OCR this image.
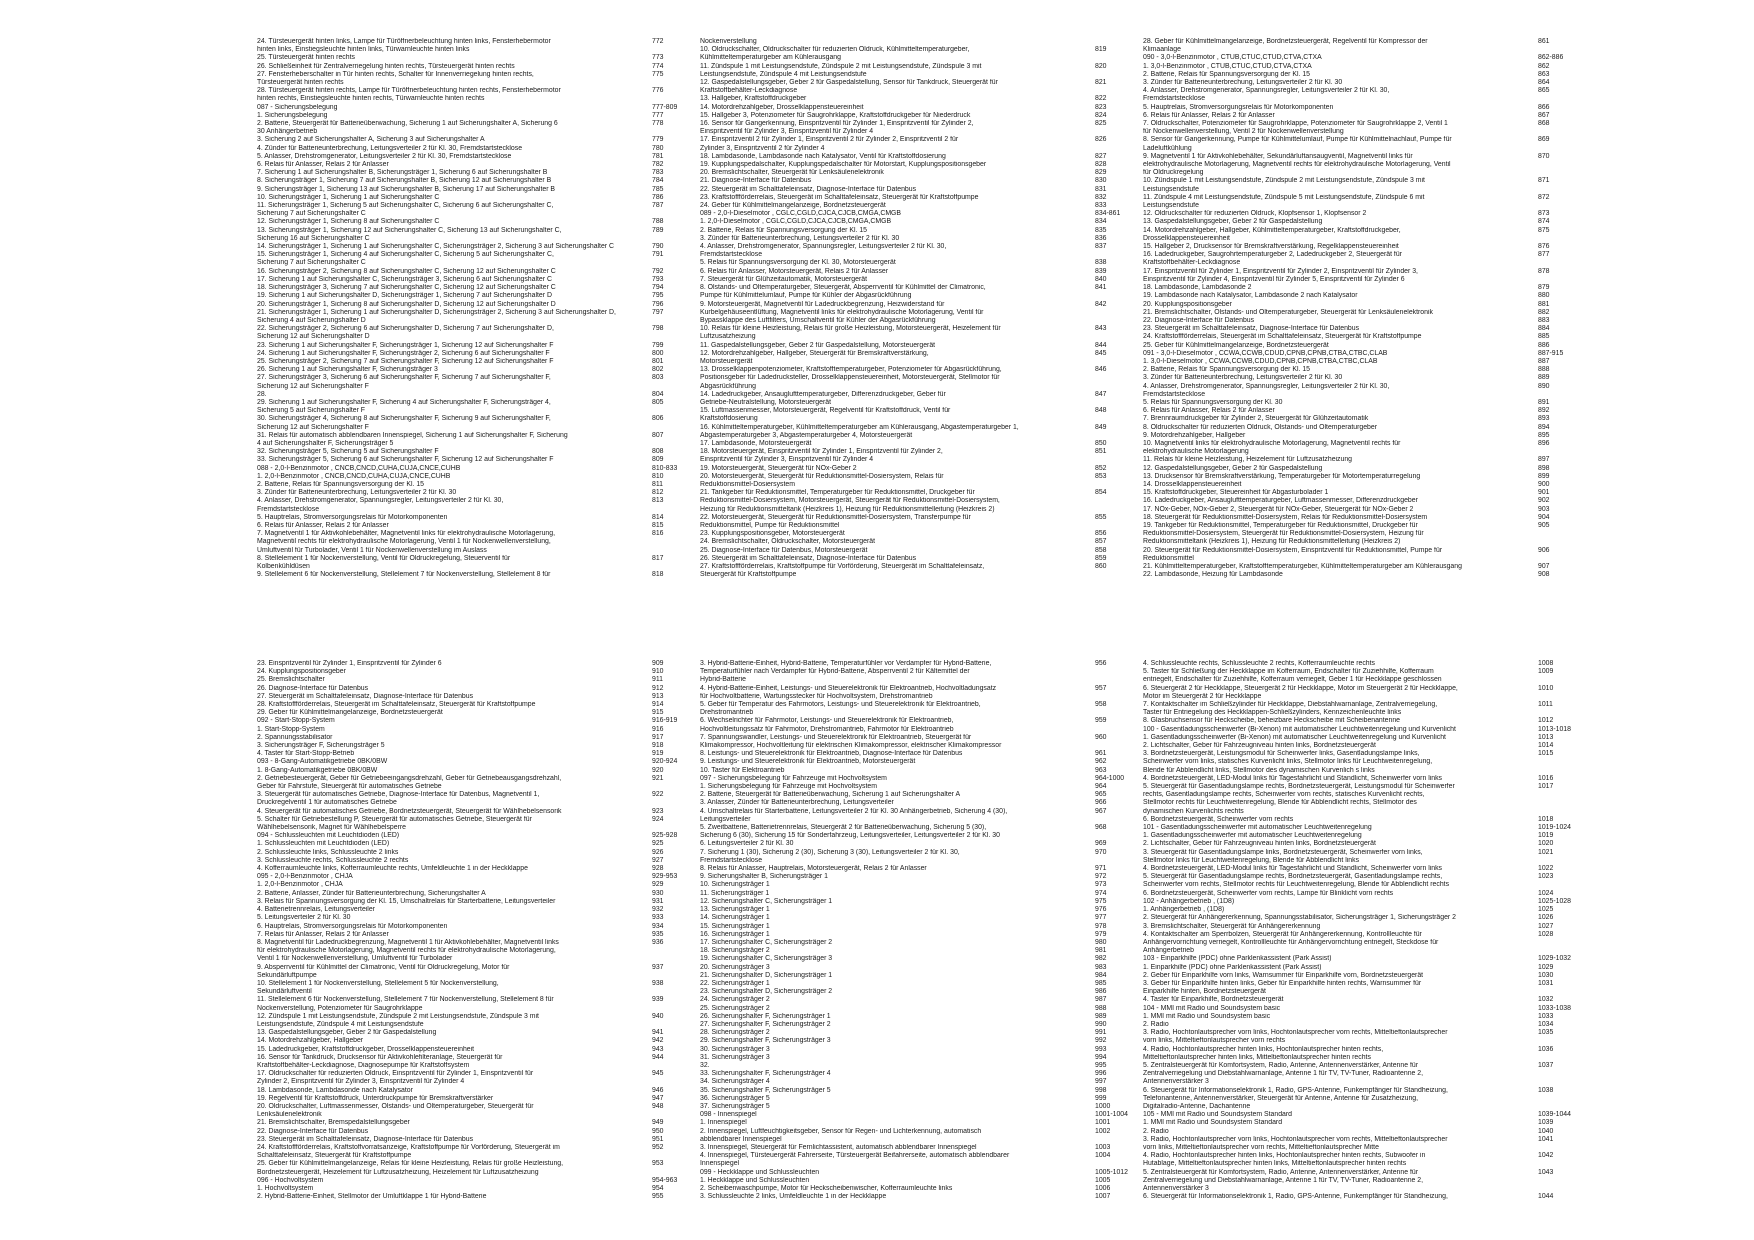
24. Türsteuergerät hinten links, Lampe für Türöffnerbeleuchtung hinten links, Fensterhebermotor	772
hinten links, Einstiegsleuchte hinten links, Türwarnleuchte hinten links
25. Türsteuergerät hinten rechts	773
26. Schließeinheit für Zentralverriegelung hinten rechts, Türsteuergerät hinten rechts	774
27. Fensterheberschalter in Tür hinten rechts, Schalter für Innenverriegelung hinten rechts,	775
Türsteuergerät hinten rechts
28. Türsteuergerät hinten rechts, Lampe für Türöffnerbeleuchtung hinten rechts, Fensterhebermotor	776
hinten rechts, Einstiegsleuchte hinten rechts, Türwarnleuchte hinten rechts
087 - Sicherungsbelegung	777-809
1. Sicherungsbelegung	777
2. Batterie, Steuergerät für Batterieüberwachung, Sicherung 1 auf Sicherungshalter A, Sicherung 6	778
30 Anhängerbetrieb
3. Sicherung 2 auf Sicherungshalter A, Sicherung 3 auf Sicherungshalter A	779
4. Zünder für Batterieunterbrechung, Leitungsverteiler 2 für Kl. 30, Fremdstartstecklose	780
5. Anlasser, Drehstromgenerator, Leitungsverteiler 2 für Kl. 30, Fremdstartstecklose	781
6. Relais für Anlasser, Relais 2 für Anlasser	782
7. Sicherung 1 auf Sicherungshalter B, Sicherungsträger 1, Sicherung 6 auf Sicherungshalter B	783
8. Sicherungsträger 1, Sicherung 7 auf Sicherungshalter B, Sicherung 12 auf Sicherungshalter B	784
9. Sicherungsträger 1, Sicherung 13 auf Sicherungshalter B, Sicherung 17 auf Sicherungshalter B	785
10. Sicherungsträger 1, Sicherung 1 auf Sicherungshalter C	786
11. Sicherungsträger 1, Sicherung 5 auf Sicherungshalter C, Sicherung 6 auf Sicherungshalter C,	787
Sicherung 7 auf Sicherungshalter C
12. Sicherungsträger 1, Sicherung 8 auf Sicherungshalter C	788
13. Sicherungsträger 1, Sicherung 12 auf Sicherungshalter C, Sicherung 13 auf Sicherungshalter C,	789
Sicherung 16 auf Sicherungshalter C
14. Sicherungsträger 1, Sicherung 1 auf Sicherungshalter C, Sicherungsträger 2, Sicherung 3 auf Sicherungshalter C	790
15. Sicherungsträger 1, Sicherung 4 auf Sicherungshalter C, Sicherung 5 auf Sicherungshalter C,	791
Sicherung 7 auf Sicherungshalter C
16. Sicherungsträger 2, Sicherung 8 auf Sicherungshalter C, Sicherung 12 auf Sicherungshalter C	792
17. Sicherung 1 auf Sicherungshalter C, Sicherungsträger 3, Sicherung 6 auf Sicherungshalter C	793
18. Sicherungsträger 3, Sicherung 7 auf Sicherungshalter C, Sicherung 12 auf Sicherungshalter C	794
19. Sicherung 1 auf Sicherungshalter D, Sicherungsträger 1, Sicherung 7 auf Sicherungshalter D	795
20. Sicherungsträger 1, Sicherung 8 auf Sicherungshalter D, Sicherung 12 auf Sicherungshalter D	796
21. Sicherungsträger 1, Sicherung 1 auf Sicherungshalter D, Sicherungsträger 2, Sicherung 3 auf Sicherungshalter D,	797
Sicherung 4 auf Sicherungshalter D
22. Sicherungsträger 2, Sicherung 6 auf Sicherungshalter D, Sicherung 7 auf Sicherungshalter D,	798
Sicherung 12 auf Sicherungshalter D
23. Sicherung 1 auf Sicherungshalter F, Sicherungsträger 1, Sicherung 12 auf Sicherungshalter F	799
24. Sicherung 1 auf Sicherungshalter F, Sicherungsträger 2, Sicherung 6 auf Sicherungshalter F	800
25. Sicherungsträger 2, Sicherung 7 auf Sicherungshalter F, Sicherung 12 auf Sicherungshalter F	801
26. Sicherung 1 auf Sicherungshalter F, Sicherungsträger 3	802
27. Sicherungsträger 3, Sicherung 6 auf Sicherungshalter F, Sicherung 7 auf Sicherungshalter F,	803
Sicherung 12 auf Sicherungshalter F
28.	804
29. Sicherung 1 auf Sicherungshalter F, Sicherung 4 auf Sicherungshalter F, Sicherungsträger 4,	805
Sicherung 5 auf Sicherungshalter F
30. Sicherungsträger 4, Sicherung 8 auf Sicherungshalter F, Sicherung 9 auf Sicherungshalter F,	806
Sicherung 12 auf Sicherungshalter F
31. Relais für automatisch abblendbaren Innenspiegel, Sicherung 1 auf Sicherungshalter F, Sicherung	807
4 auf Sicherungshalter F, Sicherungsträger 5
32. Sicherungsträger 5, Sicherung 5 auf Sicherungshalter F	808
33. Sicherungsträger 5, Sicherung 6 auf Sicherungshalter F, Sicherung 12 auf Sicherungshalter F	809
088 - 2,0-l-Benzinmotor , CNCB,CNCD,CUHA,CUJA,CNCE,CUHB	810-833
1. 2,0-l-Benzinmotor , CNCB,CNCD,CUHA,CUJA,CNCE,CUHB	810
2. Batterie, Relais für Spannungsversorgung der Kl. 15	811
3. Zünder für Batterieunterbrechung, Leitungsverteiler 2 für Kl. 30	812
4. Anlasser, Drehstromgenerator, Spannungsregler, Leitungsverteiler 2 für Kl. 30,	813
Fremdstartstecklose
5. Hauptrelais, Stromversorgungsrelais für Motorkomponenten	814
6. Relais für Anlasser, Relais 2 für Anlasser	815
7. Magnetventil 1 für Aktivkohlebehälter, Magnetventil links für elektrohydraulische Motorlagerung,	816
Magnetventil rechts für elektrohydraulische Motorlagerung, Ventil 1 für Nockenwellenverstellung,
Umluftventil für Turbolader, Ventil 1 für Nockenwellenverstellung im Auslass
8. Stellelement 1 für Nockenverstellung, Ventil für Öldruckregelung, Steuerventil für	817
Kolbenkühldüsen
9. Stellelement 6 für Nockenverstellung, Stellelement 7 für Nockenverstellung, Stellelement 8 für	818
Nockenverstellung
10. Öldruckschalter, Öldruckschalter für reduzierten Öldruck, Kühlmitteltemperaturgeber,	819
Kühlmitteltemperaturgeber am Kühlerausgang
11. Zündspule 1 mit Leistungsendstufe, Zündspule 2 mit Leistungsendstufe, Zündspule 3 mit	820
Leistungsendstufe, Zündspule 4 mit Leistungsendstufe
12. Gaspedalstellungsgeber, Geber 2 für Gaspedalstellung, Sensor für Tankdruck, Steuergerät für	821
Kraftstoffbehälter-Leckdiagnose
13. Hallgeber, Kraftstoffdruckgeber	822
14. Motordrehzahlgeber, Drosselklappensteuereinheit	823
15. Hallgeber 3, Potenziometer für Saugrohrklappe, Kraftstoffdruckgeber für Niederdruck	824
16. Sensor für Gangerkennung, Einspritzventil für Zylinder 1, Einspritzventil für Zylinder 2,	825
Einspritzventil für Zylinder 3, Einspritzventil für Zylinder 4
17. Einspritzventil 2 für Zylinder 1, Einspritzventil 2 für Zylinder 2, Einspritzventil 2 für	826
Zylinder 3, Einspritzventil 2 für Zylinder 4
18. Lambdasonde, Lambdasonde nach Katalysator, Ventil für Kraftstoffdosierung	827
19. Kupplungspedalschalter, Kupplungspedalschalter für Motorstart, Kupplungspositionsgeber	828
20. Bremslichtschalter, Steuergerät für Lenksäulenelektronik	829
21. Diagnose-Interface für Datenbus	830
22. Steuergerät im Schalttafeleinsatz, Diagnose-Interface für Datenbus	831
23. Kraftstoffförderrelais, Steuergerät im Schalttafeleinsatz, Steuergerät für Kraftstoffpumpe	832
24. Geber für Kühlmittelmangelanzeige, Bordnetzsteuergerät	833
089 - 2,0-l-Dieselmotor , CGLC,CGLD,CJCA,CJCB,CMGA,CMGB	834-861
1. 2,0-l-Dieselmotor , CGLC,CGLD,CJCA,CJCB,CMGA,CMGB	834
2. Batterie, Relais für Spannungsversorgung der Kl. 15	835
3. Zünder für Batterieunterbrechung, Leitungsverteiler 2 für Kl. 30	836
4. Anlasser, Drehstromgenerator, Spannungsregler, Leitungsverteiler 2 für Kl. 30,	837
Fremdstartstecklose
5. Relais für Spannungsversorgung der Kl. 30, Motorsteuergerät	838
6. Relais für Anlasser, Motorsteuergerät, Relais 2 für Anlasser	839
7. Steuergerät für Glühzeitautomatik, Motorsteuergerät	840
8. Ölstands- und Öltemperaturgeber, Steuergerät, Absperrventil für Kühlmittel der Climatronic,	841
Pumpe für Kühlmittelumlauf, Pumpe für Kühler der Abgasrückführung
9. Motorsteuergerät, Magnetventil für Ladedruckbegrenzung, Heizwiderstand für	842
Kurbelgehäuseentlüftung, Magnetventil links für elektrohydraulische Motorlagerung, Ventil für
Bypassklappe des Luftfilters, Umschaltventil für Kühler der Abgasrückführung
10. Relais für kleine Heizleistung, Relais für große Heizleistung, Motorsteuergerät, Heizelement für	843
Luftzusatzheizung
11. Gaspedalstellungsgeber, Geber 2 für Gaspedalstellung, Motorsteuergerät	844
12. Motordrehzahlgeber, Hallgeber, Steuergerät für Bremskraftverstärkung,	845
Motorsteuergerät
13. Drosselklappenpotenziometer, Kraftstofftemperaturgeber, Potenziometer für Abgasrückführung,	846
Positionsgeber für Ladedrucksteller, Drosselklappensteuereinheit, Motorsteuergerät, Stellmotor für
Abgasrückführung
14. Ladedruckgeber, Ansauglufttemperaturgeber, Differenzdruckgeber, Geber für	847
Getriebe-Neutralstellung, Motorsteuergerät
15. Luftmassenmesser, Motorsteuergerät, Regelventil für Kraftstoffdruck, Ventil für	848
Kraftstoffdosierung
16. Kühlmitteltemperaturgeber, Kühlmitteltemperaturgeber am Kühlerausgang, Abgastemperaturgeber 1,	849
Abgastemperaturgeber 3, Abgastemperaturgeber 4, Motorsteuergerät
17. Lambdasonde, Motorsteuergerät	850
18. Motorsteuergerät, Einspritzventil für Zylinder 1, Einspritzventil für Zylinder 2,	851
Einspritzventil für Zylinder 3, Einspritzventil für Zylinder 4
19. Motorsteuergerät, Steuergerät für NOx-Geber 2	852
20. Motorsteuergerät, Steuergerät für Reduktionsmittel-Dosiersystem, Relais für	853
Reduktionsmittel-Dosiersystem
21. Tankgeber für Reduktionsmittel, Temperaturgeber für Reduktionsmittel, Druckgeber für	854
Reduktionsmittel-Dosiersystem, Motorsteuergerät, Steuergerät für Reduktionsmittel-Dosiersystem,
Heizung für Reduktionsmitteltank (Heizkreis 1), Heizung für Reduktionsmittelleitung (Heizkreis 2)
22. Motorsteuergerät, Steuergerät für Reduktionsmittel-Dosiersystem, Transferpumpe für	855
Reduktionsmittel, Pumpe für Reduktionsmittel
23. Kupplungspositionsgeber, Motorsteuergerät	856
24. Bremslichtschalter, Öldruckschalter, Motorsteuergerät	857
25. Diagnose-Interface für Datenbus, Motorsteuergerät	858
26. Steuergerät im Schalttafeleinsatz, Diagnose-Interface für Datenbus	859
27. Kraftstoffförderrelais, Kraftstoffpumpe für Vorförderung, Steuergerät im Schalttafeleinsatz,	860
Steuergerät für Kraftstoffpumpe
28. Geber für Kühlmittelmangelanzeige, Bordnetzsteuergerät, Regelventil für Kompressor der	861
Klimaanlage
090 - 3,0-l-Benzinmotor , CTUB,CTUC,CTUD,CTVA,CTXA	862-886
1. 3,0-l-Benzinmotor , CTUB,CTUC,CTUD,CTVA,CTXA	862
2. Batterie, Relais für Spannungsversorgung der Kl. 15	863
3. Zünder für Batterieunterbrechung, Leitungsverteiler 2 für Kl. 30	864
4. Anlasser, Drehstromgenerator, Spannungsregler, Leitungsverteiler 2 für Kl. 30,	865
Fremdstartstecklose
5. Hauptrelais, Stromversorgungsrelais für Motorkomponenten	866
6. Relais für Anlasser, Relais 2 für Anlasser	867
7. Öldruckschalter, Potenziometer für Saugrohrklappe, Potenziometer für Saugrohrklappe 2, Ventil 1	868
für Nockenwellenverstellung, Ventil 2 für Nockenwellenverstellung
8. Sensor für Gangerkennung, Pumpe für Kühlmittelumlauf, Pumpe für Kühlmittelnachlauf, Pumpe für	869
Ladeluftkühlung
9. Magnetventil 1 für Aktivkohlebehälter, Sekundärluftansaugventil, Magnetventil links für	870
elektrohydraulische Motorlagerung, Magnetventil rechts für elektrohydraulische Motorlagerung, Ventil
für Öldruckregelung
10. Zündspule 1 mit Leistungsendstufe, Zündspule 2 mit Leistungsendstufe, Zündspule 3 mit	871
Leistungsendstufe
11. Zündspule 4 mit Leistungsendstufe, Zündspule 5 mit Leistungsendstufe, Zündspule 6 mit	872
Leistungsendstufe
12. Öldruckschalter für reduzierten Öldruck, Klopfsensor 1, Klopfsensor 2	873
13. Gaspedalstellungsgeber, Geber 2 für Gaspedalstellung	874
14. Motordrehzahlgeber, Hallgeber, Kühlmitteltemperaturgeber, Kraftstoffdruckgeber,	875
Drosselklappensteuereinheit
15. Hallgeber 2, Drucksensor für Bremskraftverstärkung, Regelklappensteuereinheit	876
16. Ladedruckgeber, Saugrohrtemperaturgeber 2, Ladedruckgeber 2, Steuergerät für	877
Kraftstoffbehälter-Leckdiagnose
17. Einspritzventil für Zylinder 1, Einspritzventil für Zylinder 2, Einspritzventil für Zylinder 3,	878
Einspritzventil für Zylinder 4, Einspritzventil für Zylinder 5, Einspritzventil für Zylinder 6
18. Lambdasonde, Lambdasonde 2	879
19. Lambdasonde nach Katalysator, Lambdasonde 2 nach Katalysator	880
20. Kupplungspositionsgeber	881
21. Bremslichtschalter, Ölstands- und Öltemperaturgeber, Steuergerät für Lenksäulenelektronik	882
22. Diagnose-Interface für Datenbus	883
23. Steuergerät im Schalttafeleinsatz, Diagnose-Interface für Datenbus	884
24. Kraftstoffförderrelais, Steuergerät im Schalttafeleinsatz, Steuergerät für Kraftstoffpumpe	885
25. Geber für Kühlmittelmangelanzeige, Bordnetzsteuergerät	886
091 - 3,0-l-Dieselmotor , CCWA,CCWB,CDUD,CPNB,CPNB,CTBA,CTBC,CLAB	887-915
1. 3,0-l-Dieselmotor , CCWA,CCWB,CDUD,CPNB,CPNB,CTBA,CTBC,CLAB	887
2. Batterie, Relais für Spannungsversorgung der Kl. 15	888
3. Zünder für Batterieunterbrechung, Leitungsverteiler 2 für Kl. 30	889
4. Anlasser, Drehstromgenerator, Spannungsregler, Leitungsverteiler 2 für Kl. 30,	890
Fremdstartstecklose
5. Relais für Spannungsversorgung der Kl. 30	891
6. Relais für Anlasser, Relais 2 für Anlasser	892
7. Brennraumdruckgeber für Zylinder 2, Steuergerät für Glühzeitautomatik	893
8. Öldruckschalter für reduzierten Öldruck, Ölstands- und Öltemperaturgeber	894
9. Motordrehzahlgeber, Hallgeber	895
10. Magnetventil links für elektrohydraulische Motorlagerung, Magnetventil rechts für	896
elektrohydraulische Motorlagerung
11. Relais für kleine Heizleistung, Heizelement für Luftzusatzheizung	897
12. Gaspedalstellungsgeber, Geber 2 für Gaspedalstellung	898
13. Drucksensor für Bremskraftverstärkung, Temperaturgeber für Motortemperaturregelung	899
14. Drosselklappensteuereinheit	900
15. Kraftstoffdruckgeber, Steuereinheit für Abgasturbolader 1	901
16. Ladedruckgeber, Ansauglufttemperaturgeber, Luftmassenmesser, Differenzdruckgeber	902
17. NOx-Geber, NOx-Geber 2, Steuergerät für NOx-Geber, Steuergerät für NOx-Geber 2	903
18. Steuergerät für Reduktionsmittel-Dosiersystem, Relais für Reduktionsmittel-Dosiersystem	904
19. Tankgeber für Reduktionsmittel, Temperaturgeber für Reduktionsmittel, Druckgeber für	905
Reduktionsmittel-Dosiersystem, Steuergerät für Reduktionsmittel-Dosiersystem, Heizung für
Reduktionsmitteltank (Heizkreis 1), Heizung für Reduktionsmittelleitung (Heizkreis 2)
20. Steuergerät für Reduktionsmittel-Dosiersystem, Einspritzventil für Reduktionsmittel, Pumpe für	906
Reduktionsmittel
21. Kühlmitteltemperaturgeber, Kraftstofftemperaturgeber, Kühlmitteltemperaturgeber am Kühlerausgang	907
22. Lambdasonde, Heizung für Lambdasonde	908
23. Einspritzventil für Zylinder 1, Einspritzventil für Zylinder 6	909
24. Kupplungspositionsgeber	910
25. Bremslichtschalter	911
26. Diagnose-Interface für Datenbus	912
27. Steuergerät im Schalttafeleinsatz, Diagnose-Interface für Datenbus	913
28. Kraftstoffförderrelais, Steuergerät im Schalttafeleinsatz, Steuergerät für Kraftstoffpumpe	914
29. Geber für Kühlmittelmangelanzeige, Bordnetzsteuergerät	915
092 - Start-Stopp-System	916-919
1. Start-Stopp-System	916
2. Spannungsstabilisator	917
3. Sicherungsträger F, Sicherungsträger 5	918
4. Taster für Start-Stopp-Betrieb	919
093 - 8-Gang-Automatikgetriebe 0BK/0BW	920-924
1. 8-Gang-Automatikgetriebe 0BK/0BW	920
2. Getriebesteuergerät, Geber für Getriebeeingangsdrehzahl, Geber für Getriebeausgangsdrehzahl,	921
Geber für Fahrstufe, Steuergerät für automatisches Getriebe
3. Steuergerät für automatisches Getriebe, Diagnose-Interface für Datenbus, Magnetventil 1,	922
Druckregelventil 1 für automatisches Getriebe
4. Steuergerät für automatisches Getriebe, Bordnetzsteuergerät, Steuergerät für Wählhebelsensorik	923
5. Schalter für Getriebestellung P, Steuergerät für automatisches Getriebe, Steuergerät für	924
Wählhebelsensorik, Magnet für Wählhebelsperre
094 - Schlussleuchten mit Leuchtdioden (LED)	925-928
1. Schlussleuchten mit Leuchtdioden (LED)	925
2. Schlussleuchte links, Schlussleuchte 2 links	926
3. Schlussleuchte rechts, Schlussleuchte 2 rechts	927
4. Kofferraumleuchte links, Kofferraumleuchte rechts, Umfeldleuchte 1 in der Heckklappe	928
095 - 2,0-l-Benzinmotor , CHJA	929-953
1. 2,0-l-Benzinmotor , CHJA	929
2. Batterie, Anlasser, Zünder für Batterieunterbrechung, Sicherungshalter A	930
3. Relais für Spannungsversorgung der Kl. 15, Umschaltrelais für Starterbatterie, Leitungsverteiler	931
4. Batterietrennrelais, Leitungsverteiler	932
5. Leitungsverteiler 2 für Kl. 30	933
6. Hauptrelais, Stromversorgungsrelais für Motorkomponenten	934
7. Relais für Anlasser, Relais 2 für Anlasser	935
8. Magnetventil für Ladedruckbegrenzung, Magnetventil 1 für Aktivkohlebehälter, Magnetventil links	936
für elektrohydraulische Motorlagerung, Magnetventil rechts für elektrohydraulische Motorlagerung,
Ventil 1 für Nockenwellenverstellung, Umluftventil für Turbolader
9. Absperrventil für Kühlmittel der Climatronic, Ventil für Öldruckregelung, Motor für	937
Sekundärluftpumpe
10. Stellelement 1 für Nockenverstellung, Stellelement 5 für Nockenverstellung,	938
Sekundärluftventil
11. Stellelement 6 für Nockenverstellung, Stellelement 7 für Nockenverstellung, Stellelement 8 für	939
Nockenverstellung, Potenziometer für Saugrohrklappe
12. Zündspule 1 mit Leistungsendstufe, Zündspule 2 mit Leistungsendstufe, Zündspule 3 mit	940
Leistungsendstufe, Zündspule 4 mit Leistungsendstufe
13. Gaspedalstellungsgeber, Geber 2 für Gaspedalstellung	941
14. Motordrehzahlgeber, Hallgeber	942
15. Ladedruckgeber, Kraftstoffdruckgeber, Drosselklappensteuereinheit	943
16. Sensor für Tankdruck, Drucksensor für Aktivkohlefilteranlage, Steuergerät für	944
Kraftstoffbehälter-Leckdiagnose, Diagnosepumpe für Kraftstoffsystem
17. Öldruckschalter für reduzierten Öldruck, Einspritzventil für Zylinder 1, Einspritzventil für	945
Zylinder 2, Einspritzventil für Zylinder 3, Einspritzventil für Zylinder 4
18. Lambdasonde, Lambdasonde nach Katalysator	946
19. Regelventil für Kraftstoffdruck, Unterdruckpumpe für Bremskraftverstärker	947
20. Öldruckschalter, Luftmassenmesser, Ölstands- und Öltemperaturgeber, Steuergerät für	948
Lenksäulenelektronik
21. Bremslichtschalter, Bremspedalstellungsgeber	949
22. Diagnose-Interface für Datenbus	950
23. Steuergerät im Schalttafeleinsatz, Diagnose-Interface für Datenbus	951
24. Kraftstoffförderrelais, Kraftstoffvorratsanzeige, Kraftstoffpumpe für Vorförderung, Steuergerät im	952
Schalttafeleinsatz, Steuergerät für Kraftstoffpumpe
25. Geber für Kühlmittelmangelanzeige, Relais für kleine Heizleistung, Relais für große Heizleistung,	953
Bordnetzsteuergerät, Heizelement für Luftzusatzheizung, Heizelement für Luftzusatzheizung
096 - Hochvoltsystem	954-963
1. Hochvoltsystem	954
2. Hybrid-Batterie-Einheit, Stellmotor der Umluftklappe 1 für Hybrid-Batterie	955
3. Hybrid-Batterie-Einheit, Hybrid-Batterie, Temperaturfühler vor Verdampfer für Hybrid-Batterie,	956
Temperaturfühler nach Verdampfer für Hybrid-Batterie, Absperrventil 2 für Kältemittel der
Hybrid-Batterie
4. Hybrid-Batterie-Einheit, Leistungs- und Steuerelektronik für Elektroantrieb, Hochvoltladungsatz	957
für Hochvoltbatterie, Wartungsstecker für Hochvoltsystem, Drehstromantrieb
5. Geber für Temperatur des Fahrmotors, Leistungs- und Steuerelektronik für Elektroantrieb,	958
Drehstromantrieb
6. Wechselrichter für Fahrmotor, Leistungs- und Steuerelektronik für Elektroantrieb,	959
Hochvoltleitungssatz für Fahrmotor, Drehstromantrieb, Fahrmotor für Elektroantrieb
7. Spannungswandler, Leistungs- und Steuerelektronik für Elektroantrieb, Steuergerät für	960
Klimakompressor, Hochvoltleitung für elektrischen Klimakompressor, elektrischer Klimakompressor
8. Leistungs- und Steuerelektronik für Elektroantrieb, Diagnose-Interface für Datenbus	961
9. Leistungs- und Steuerelektronik für Elektroantrieb, Motorsteuergerät	962
10. Taster für Elektroantrieb	963
097 - Sicherungsbelegung für Fahrzeuge mit Hochvoltsystem	964-1000
1. Sicherungsbelegung für Fahrzeuge mit Hochvoltsystem	964
2. Batterie, Steuergerät für Batterieüberwachung, Sicherung 1 auf Sicherungshalter A	965
3. Anlasser, Zünder für Batterieunterbrechung, Leitungsverteiler	966
4. Umschaltrelais für Starterbatterie, Leitungsverteiler 2 für Kl. 30 Anhängerbetrieb, Sicherung 4 (30),	967
Leitungsverteiler
5. Zweitbatterie, Batterietrennrelais, Steuergerät 2 für Batterieüberwachung, Sicherung 5 (30),	968
Sicherung 6 (30), Sicherung 15 für Sonderfahrzeug, Leitungsverteiler, Leitungsverteiler 2 für Kl. 30
6. Leitungsverteiler 2 für Kl. 30	969
7. Sicherung 1 (30), Sicherung 2 (30), Sicherung 3 (30), Leitungsverteiler 2 für Kl. 30,	970
Fremdstartstecklose
8. Relais für Anlasser, Hauptrelais, Motorsteuergerät, Relais 2 für Anlasser	971
9. Sicherungshalter B, Sicherungsträger 1	972
10. Sicherungsträger 1	973
11. Sicherungsträger 1	974
12. Sicherungshalter C, Sicherungsträger 1	975
13. Sicherungsträger 1	976
14. Sicherungsträger 1	977
15. Sicherungsträger 1	978
16. Sicherungsträger 1	979
17. Sicherungshalter C, Sicherungsträger 2	980
18. Sicherungsträger 2	981
19. Sicherungshalter C, Sicherungsträger 3	982
20. Sicherungsträger 3	983
21. Sicherungshalter D, Sicherungsträger 1	984
22. Sicherungsträger 1	985
23. Sicherungshalter D, Sicherungsträger 2	986
24. Sicherungsträger 2	987
25. Sicherungsträger 2	988
26. Sicherungshalter F, Sicherungsträger 1	989
27. Sicherungshalter F, Sicherungsträger 2	990
28. Sicherungsträger 2	991
29. Sicherungshalter F, Sicherungsträger 3	992
30. Sicherungsträger 3	993
31. Sicherungsträger 3	994
32.	995
33. Sicherungshalter F, Sicherungsträger 4	996
34. Sicherungsträger 4	997
35. Sicherungshalter F, Sicherungsträger 5	998
36. Sicherungsträger 5	999
37. Sicherungsträger 5	1000
098 - Innenspiegel	1001-1004
1. Innenspiegel	1001
2. Innenspiegel, Luftfeuchtigkeitsgeber, Sensor für Regen- und Lichterkennung, automatisch	1002
abblendbarer Innenspiegel
3. Innenspiegel, Steuergerät für Fernlichtassistent, automatisch abblendbarer Innenspiegel	1003
4. Innenspiegel, Türsteuergerät Fahrerseite, Türsteuergerät Beifahrerseite, automatisch abblendbarer	1004
Innenspiegel
099 - Heckklappe und Schlussleuchten	1005-1012
1. Heckklappe und Schlussleuchten	1005
2. Scheibenwaschpumpe, Motor für Heckscheibenwischer, Kofferraumleuchte links	1006
3. Schlussleuchte 2 links, Umfeldleuchte 1 in der Heckklappe	1007
4. Schlussleuchte rechts, Schlussleuchte 2 rechts, Kofferraumleuchte rechts	1008
5. Taster für Schließung der Heckklappe im Kofferraum, Endschalter für Zuziehhilfe, Kofferraum	1009
entriegelt, Endschalter für Zuziehhilfe, Kofferraum verriegelt, Geber 1 für Heckklappe geschlossen
6. Steuergerät 2 für Heckklappe, Steuergerät 2 für Heckklappe, Motor im Steuergerät 2 für Heckklappe,	1010
Motor im Steuergerät 2 für Heckklappe
7. Kontaktschalter im Schließzylinder für Heckklappe, Diebstahlwarnanlage, Zentralverriegelung,	1011
Taster für Entriegelung des Heckklappen-Schließzylinders, Kennzeichenleuchte links
8. Glasbruchsensor für Heckscheibe, beheizbare Heckscheibe mit Scheibenantenne	1012
100 - Gasentladungsscheinwerfer (Bi-Xenon) mit automatischer Leuchtweitenregelung und Kurvenlicht	1013-1018
1. Gasentladungsscheinwerfer (Bi-Xenon) mit automatischer Leuchtweitenregelung und Kurvenlicht	1013
2. Lichtschalter, Geber für Fahrzeugniveau hinten links, Bordnetzsteuergerät	1014
3. Bordnetzsteuergerät, Leistungsmodul für Scheinwerfer links, Gasentladungslampe links,	1015
Scheinwerfer vorn links, statisches Kurvenlicht links, Stellmotor links für Leuchtweitenregelung,
Blende für Abblendlicht links, Stellmotor des dynamischen Kurvenlich s links
4. Bordnetzsteuergerät, LED-Modul links für Tagesfahrlicht und Standlicht, Scheinwerfer vorn links	1016
5. Steuergerät für Gasentladungslampe rechts, Bordnetzsteuergerät, Leistungsmodul für Scheinwerfer	1017
rechts, Gasentladungslampe rechts, Scheinwerfer vorn rechts, statisches Kurvenlicht rechts,
Stellmotor rechts für Leuchtweitenregelung, Blende für Abblendlicht rechts, Stellmotor des
dynamischen Kurvenlichts rechts
6. Bordnetzsteuergerät, Scheinwerfer vorn rechts	1018
101 - Gasentladungsscheinwerfer mit automatischer Leuchtweitenregelung	1019-1024
1. Gasentladungsscheinwerfer mit automatischer Leuchtweitenregelung	1019
2. Lichtschalter, Geber für Fahrzeugniveau hinten links, Bordnetzsteuergerät	1020
3. Steuergerät für Gasentladungslampe links, Bordnetzsteuergerät, Scheinwerfer vorn links,	1021
Stellmotor links für Leuchtweitenregelung, Blende für Abblendlicht links
4. Bordnetzsteuergerät, LED-Modul links für Tagesfahrlicht und Standlicht, Scheinwerfer vorn links	1022
5. Steuergerät für Gasentladungslampe rechts, Bordnetzsteuergerät, Gasentladungslampe rechts,	1023
Scheinwerfer vorn rechts, Stellmotor rechts für Leuchtweitenregelung, Blende für Abblendlicht rechts
6. Bordnetzsteuergerät, Scheinwerfer vorn rechts, Lampe für Blinklicht vorn rechts	1024
102 - Anhängerbetrieb , (1D8)	1025-1028
1. Anhängerbetrieb , (1D8)	1025
2. Steuergerät für Anhängererkennung, Spannungsstabilisator, Sicherungsträger 1, Sicherungsträger 2	1026
3. Bremslichtschalter, Steuergerät für Anhängererkennung	1027
4. Kontaktschalter am Sperrbolzen, Steuergerät für Anhängererkennung, Kontrollleuchte für	1028
Anhängervorrichtung verriegelt, Kontrollleuchte für Anhängervorrichtung entriegelt, Steckdose für
Anhängerbetrieb
103 - Einparkhilfe (PDC) ohne Parklenkassistent (Park Assist)	1029-1032
1. Einparkhilfe (PDC) ohne Parklenkassistent (Park Assist)	1029
2. Geber für Einparkhilfe vorn links, Warnsummer für Einparkhilfe vorn, Bordnetzsteuergerät	1030
3. Geber für Einparkhilfe hinten links, Geber für Einparkhilfe hinten rechts, Warnsummer für	1031
Einparkhilfe hinten, Bordnetzsteuergerät
4. Taster für Einparkhilfe, Bordnetzsteuergerät	1032
104 - MMI mit Radio und Soundsystem basic	1033-1038
1. MMI mit Radio und Soundsystem basic	1033
2. Radio	1034
3. Radio, Hochtonlautsprecher vorn links, Hochtonlautsprecher vorn rechts, Mitteltieftonlautsprecher	1035
vorn links, Mitteltieftonlautsprecher vorn rechts
4. Radio, Hochtonlautsprecher hinten links, Hochtonlautsprecher hinten rechts,	1036
Mitteltieftonlautsprecher hinten links, Mitteltieftonlautsprecher hinten rechts
5. Zentralsteuergerät für Komfortsystem, Radio, Antenne, Antennenverstärker, Antenne für	1037
Zentralverriegelung und Diebstahlwarnanlage, Antenne 1 für TV, TV-Tuner, Radioantenne 2,
Antennenverstärker 3
6. Steuergerät für Informationselektronik 1, Radio, GPS-Antenne, Funkempfänger für Standheizung,	1038
Telefonantenne, Antennenverstärker, Steuergerät für Antenne, Antenne für Zusatzheizung,
Digitalradio-Antenne, Dachantenne
105 - MMI mit Radio und Soundsystem Standard	1039-1044
1. MMI mit Radio und Soundsystem Standard	1039
2. Radio	1040
3. Radio, Hochtonlautsprecher vorn links, Hochtonlautsprecher vorn rechts, Mitteltieftonlautsprecher	1041
vorn links, Mitteltieftonlautsprecher vorn rechts, Mitteltieftonlautsprecher Mitte
4. Radio, Hochtonlautsprecher hinten links, Hochtonlautsprecher hinten rechts, Subwoofer in	1042
Hutablage, Mitteltieftonlautsprecher hinten links, Mitteltieftonlautsprecher hinten rechts
5. Zentralsteuergerät für Komfortsystem, Radio, Antenne, Antennenverstärker, Antenne für	1043
Zentralverriegelung und Diebstahlwarnanlage, Antenne 1 für TV, TV-Tuner, Radioantenne 2,
Antennenverstärker 3
6. Steuergerät für Informationselektronik 1, Radio, GPS-Antenne, Funkempfänger für Standheizung,	1044
